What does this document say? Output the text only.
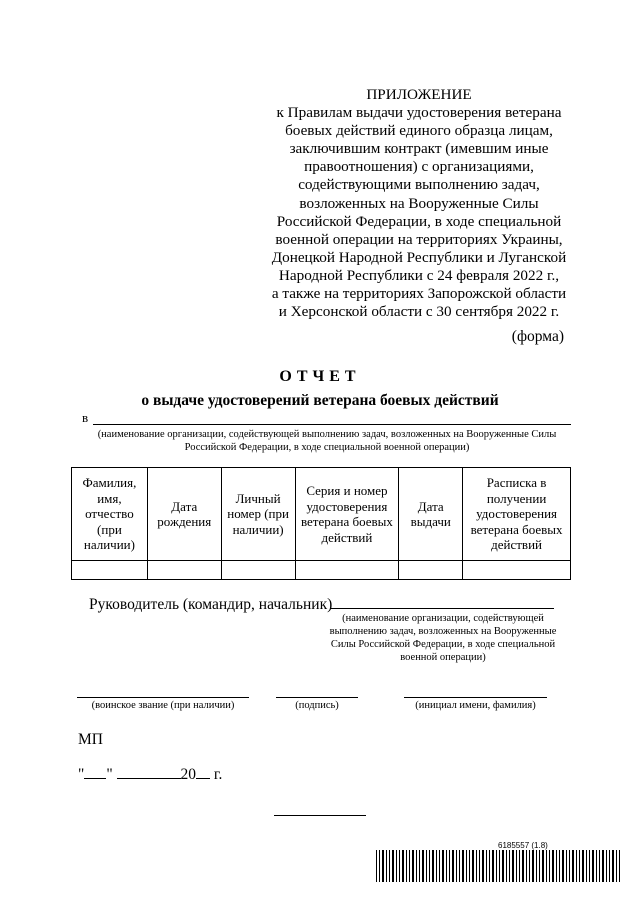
ПРИЛОЖЕНИЕ
к Правилам выдачи удостоверения ветерана
боевых действий единого образца лицам,
заключившим контракт (имевшим иные
правоотношения) с организациями,
содействующими выполнению задач,
возложенных на Вооруженные Силы
Российской Федерации, в ходе специальной
военной операции на территориях Украины,
Донецкой Народной Республики и Луганской
Народной Республики с 24 февраля 2022 г.,
а также на территориях Запорожской области
и Херсонской области с 30 сентября 2022 г.
(форма)
ОТЧЕТ
о выдаче удостоверений ветерана боевых действий
в
(наименование организации, содействующей выполнению задач, возложенных на Вооруженные Силы Российской Федерации, в ходе специальной военной операции)
Фамилия, имя, отчество (при наличии)	Дата рождения	Личный номер (при наличии)	Серия и номер удостоверения ветерана боевых действий	Дата выдачи	Расписка в получении удостоверения ветерана боевых действий

Руководитель (командир, начальник)
(наименование организации, содействующей выполнению задач, возложенных на Вооруженные Силы Российской Федерации, в ходе специальной военной операции)
(воинское звание (при наличии)	(подпись)	(инициал имени, фамилия)
МП
" "	20 г.
6185557 (1.8)
